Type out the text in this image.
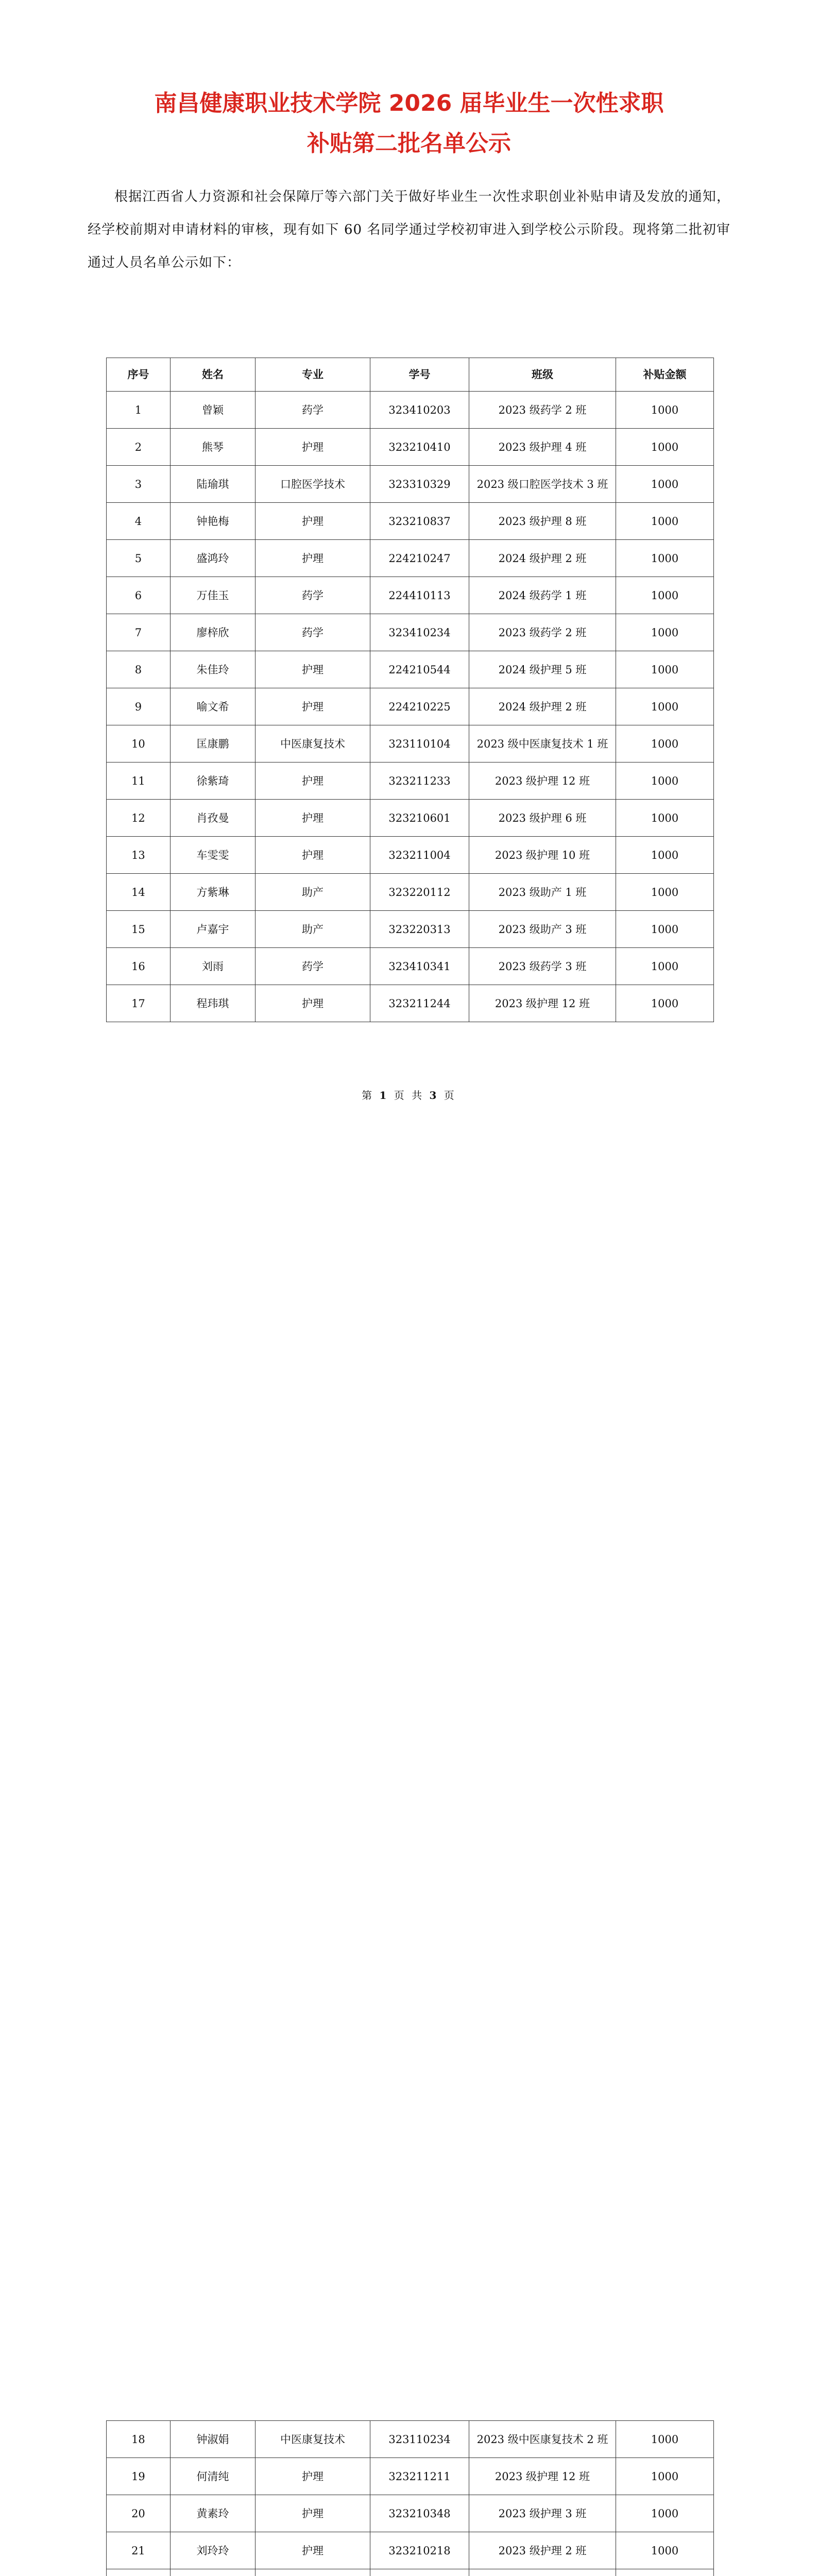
南昌健康职业技术学院 2026 届毕业生一次性求职
补贴第二批名单公示

根据江西省人力资源和社会保障厅等六部门关于做好毕业生一次性求职创业补贴申请及发放的通知，经学校前期对申请材料的审核，现有如下 60 名同学通过学校初审进入到学校公示阶段。现将第二批初审通过人员名单公示如下：

序号	姓名	专业	学号	班级	补贴金额
1	曾颖	药学	323410203	2023 级药学 2 班	1000
2	熊琴	护理	323210410	2023 级护理 4 班	1000
3	陆瑜琪	口腔医学技术	323310329	2023 级口腔医学技术 3 班	1000
4	钟艳梅	护理	323210837	2023 级护理 8 班	1000
5	盛鸿玲	护理	224210247	2024 级护理 2 班	1000
6	万佳玉	药学	224410113	2024 级药学 1 班	1000
7	廖梓欣	药学	323410234	2023 级药学 2 班	1000
8	朱佳玲	护理	224210544	2024 级护理 5 班	1000
9	喻文希	护理	224210225	2024 级护理 2 班	1000
10	匡康鹏	中医康复技术	323110104	2023 级中医康复技术 1 班	1000
11	徐紫琦	护理	323211233	2023 级护理 12 班	1000
12	肖孜曼	护理	323210601	2023 级护理 6 班	1000
13	车雯雯	护理	323211004	2023 级护理 10 班	1000
14	方紫琳	助产	323220112	2023 级助产 1 班	1000
15	卢嘉宇	助产	323220313	2023 级助产 3 班	1000
16	刘雨	药学	323410341	2023 级药学 3 班	1000
17	程玮琪	护理	323211244	2023 级护理 12 班	1000
第 1 页 共 3 页
18	钟淑娟	中医康复技术	323110234	2023 级中医康复技术 2 班	1000
19	何清纯	护理	323211211	2023 级护理 12 班	1000
20	黄素玲	护理	323210348	2023 级护理 3 班	1000
21	刘玲玲	护理	323210218	2023 级护理 2 班	1000
